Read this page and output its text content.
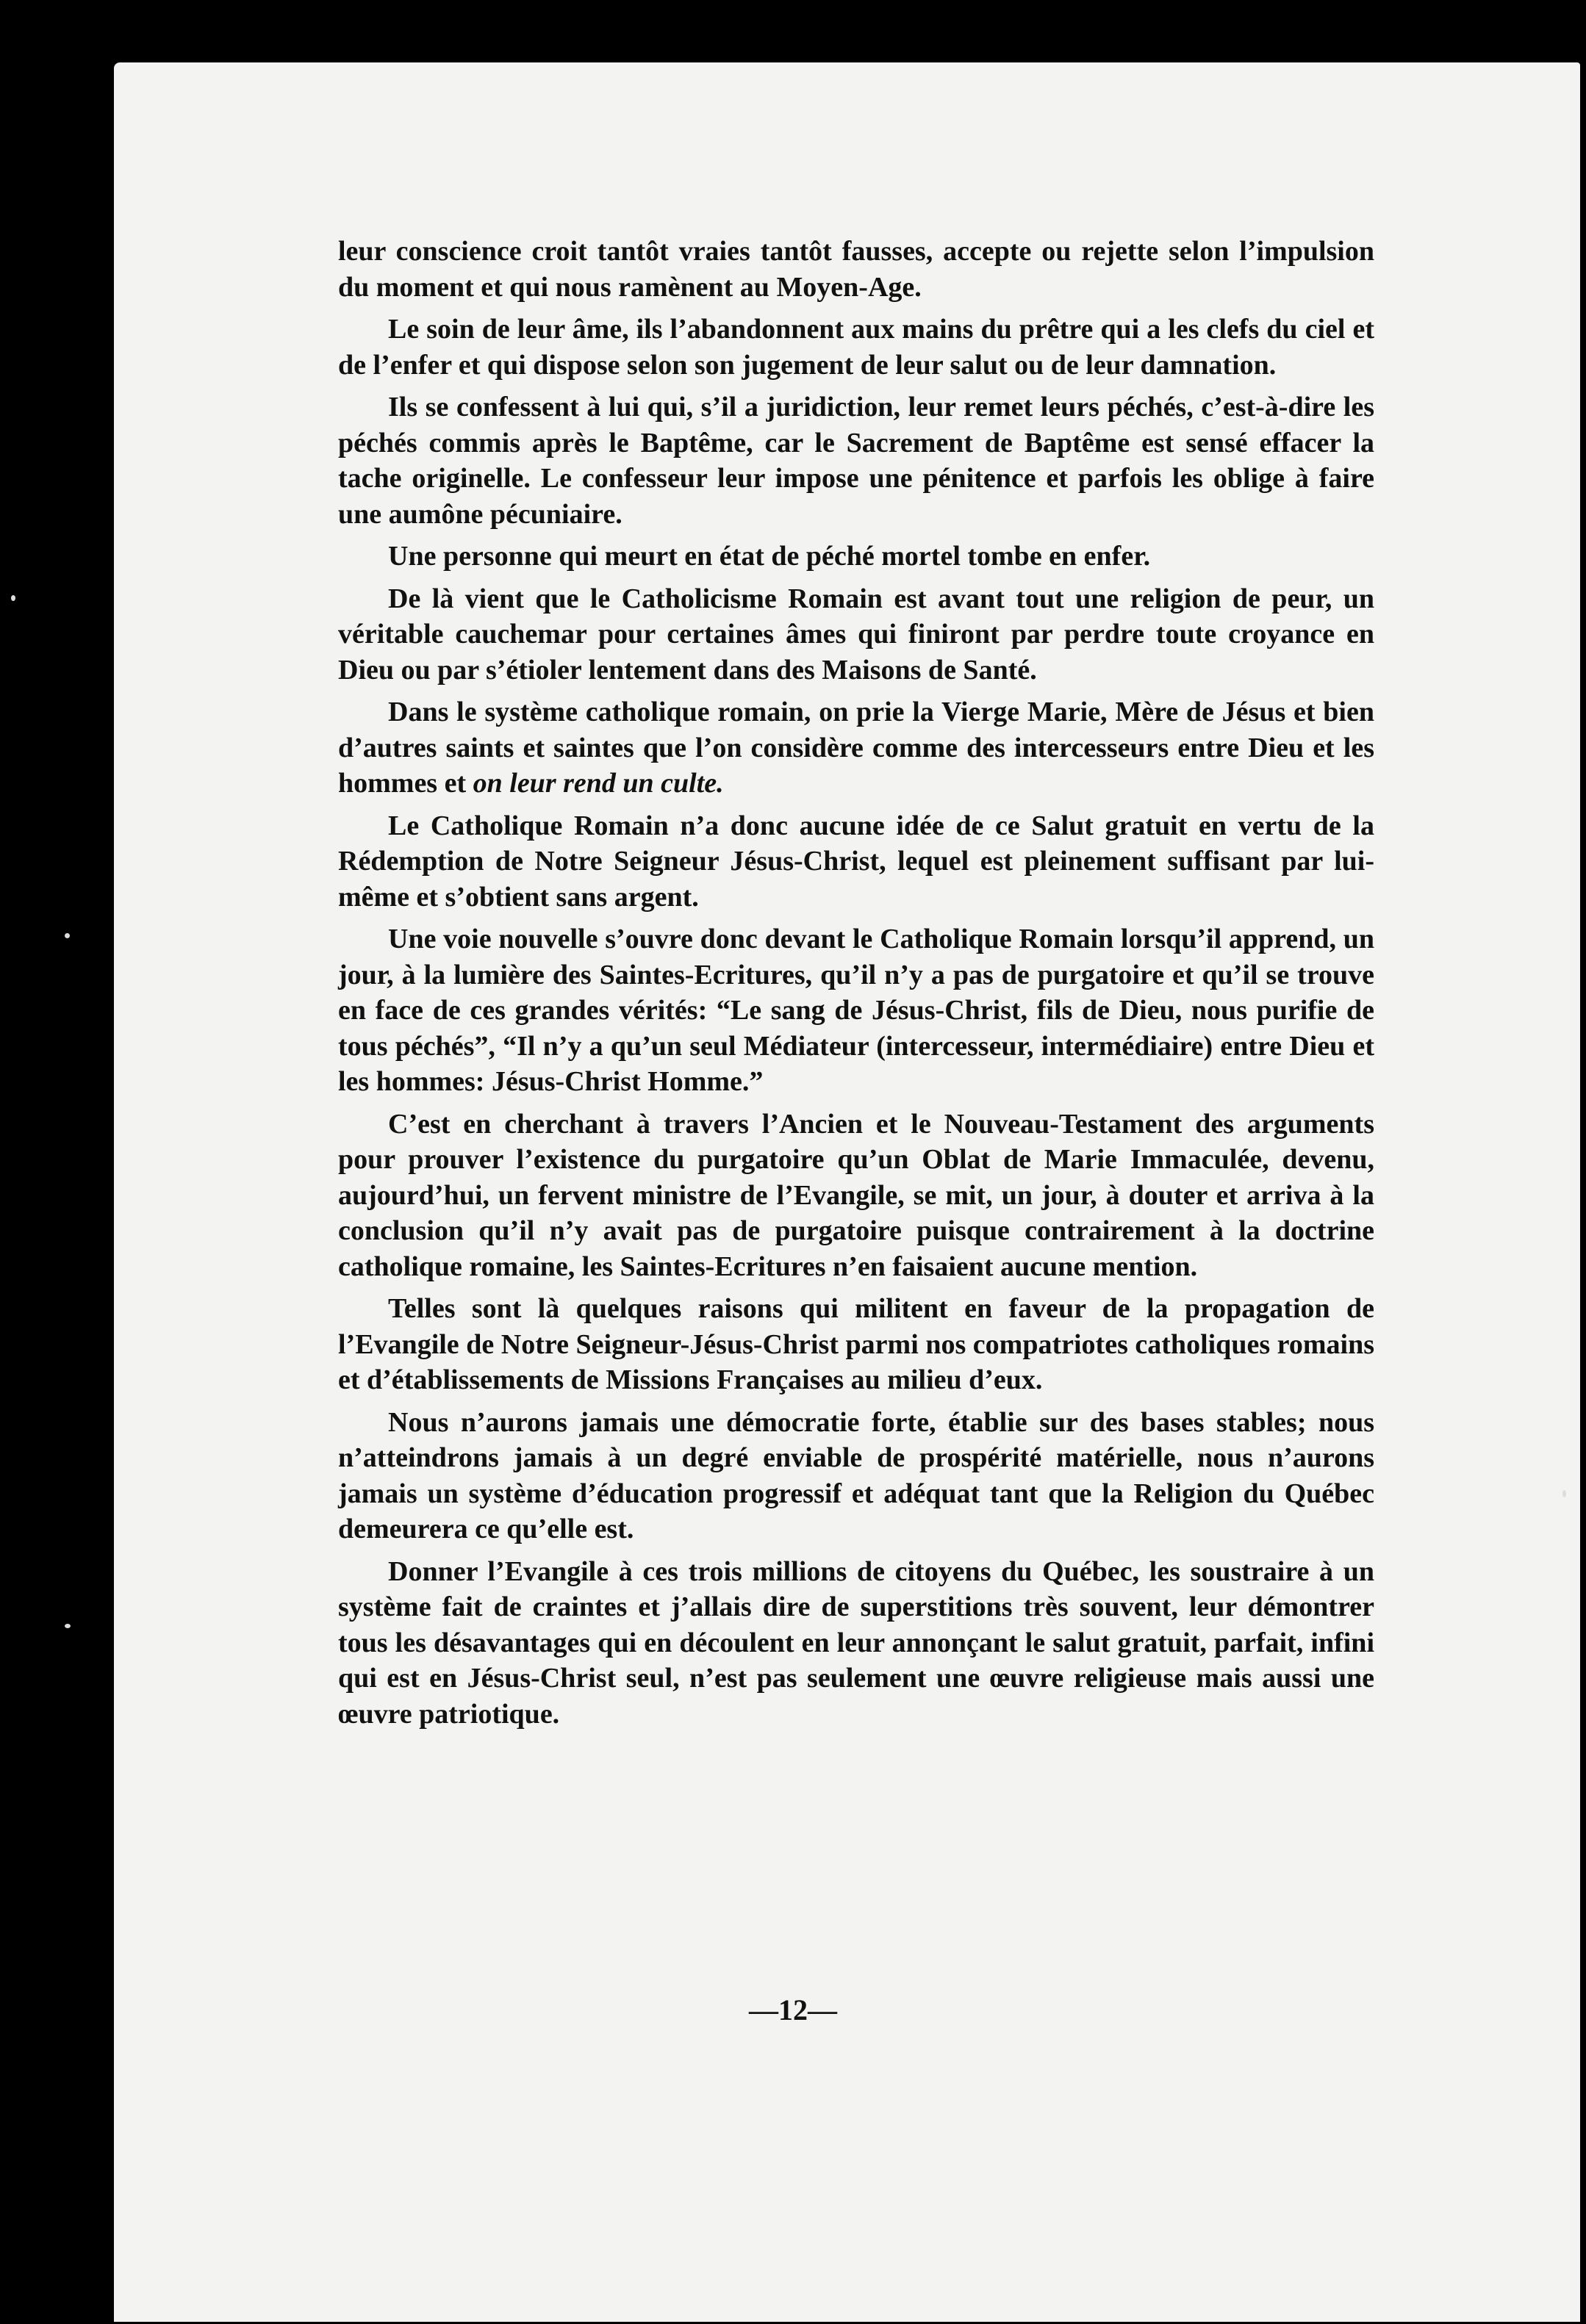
leur conscience croit tantôt vraies tantôt fausses, accepte ou rejette selon l’impulsion du moment et qui nous ramènent au Moyen-Age.

Le soin de leur âme, ils l’abandonnent aux mains du prêtre qui a les clefs du ciel et de l’enfer et qui dispose selon son jugement de leur salut ou de leur damnation.

Ils se confessent à lui qui, s’il a juridiction, leur remet leurs péchés, c’est-à-dire les péchés commis après le Baptême, car le Sacrement de Baptême est sensé effacer la tache originelle. Le confesseur leur impose une pénitence et parfois les oblige à faire une aumône pécuniaire.

Une personne qui meurt en état de péché mortel tombe en enfer.

De là vient que le Catholicisme Romain est avant tout une religion de peur, un véritable cauchemar pour certaines âmes qui finiront par perdre toute croyance en Dieu ou par s’étioler lentement dans des Maisons de Santé.

Dans le système catholique romain, on prie la Vierge Marie, Mère de Jésus et bien d’autres saints et saintes que l’on considère comme des intercesseurs entre Dieu et les hommes et on leur rend un culte.

Le Catholique Romain n’a donc aucune idée de ce Salut gratuit en vertu de la Rédemption de Notre Seigneur Jésus-Christ, lequel est pleinement suffisant par lui-même et s’obtient sans argent.

Une voie nouvelle s’ouvre donc devant le Catholique Romain lorsqu’il apprend, un jour, à la lumière des Saintes-Ecritures, qu’il n’y a pas de purgatoire et qu’il se trouve en face de ces grandes vérités: “Le sang de Jésus-Christ, fils de Dieu, nous purifie de tous péchés”, “Il n’y a qu’un seul Médiateur (intercesseur, intermédiaire) entre Dieu et les hommes: Jésus-Christ Homme.”

C’est en cherchant à travers l’Ancien et le Nouveau-Testament des arguments pour prouver l’existence du purgatoire qu’un Oblat de Marie Immaculée, devenu, aujourd’hui, un fervent ministre de l’Evangile, se mit, un jour, à douter et arriva à la conclusion qu’il n’y avait pas de purgatoire puisque contrairement à la doctrine catholique romaine, les Saintes-Ecritures n’en faisaient aucune mention.

Telles sont là quelques raisons qui militent en faveur de la propagation de l’Evangile de Notre Seigneur-Jésus-Christ parmi nos compatriotes catholiques romains et d’établissements de Missions Françaises au milieu d’eux.

Nous n’aurons jamais une démocratie forte, établie sur des bases stables; nous n’atteindrons jamais à un degré enviable de prospérité matérielle, nous n’aurons jamais un système d’éducation progressif et adéquat tant que la Religion du Québec demeurera ce qu’elle est.

Donner l’Evangile à ces trois millions de citoyens du Québec, les soustraire à un système fait de craintes et j’allais dire de superstitions très souvent, leur démontrer tous les désavantages qui en découlent en leur annonçant le salut gratuit, parfait, infini qui est en Jésus-Christ seul, n’est pas seulement une œuvre religieuse mais aussi une œuvre patriotique.

—12—
